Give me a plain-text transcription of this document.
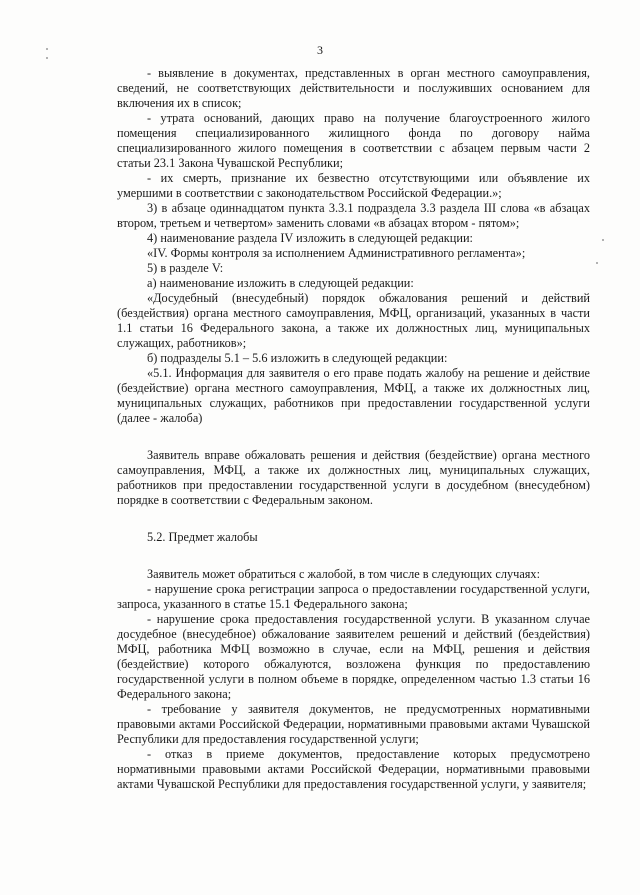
3

- выявление в документах, представленных в орган местного самоуправления, сведений, не соответствующих действительности и послуживших основанием для включения их в список;

- утрата оснований, дающих право на получение благоустроенного жилого помещения специализированного жилищного фонда по договору найма специализированного жилого помещения в соответствии с абзацем первым части 2 статьи 23.1 Закона Чувашской Республики;

- их смерть, признание их безвестно отсутствующими или объявление их умершими в соответствии с законодательством Российской Федерации.»;

3) в абзаце одиннадцатом пункта 3.3.1 подраздела 3.3 раздела III слова «в абзацах втором, третьем и четвертом» заменить словами «в абзацах втором - пятом»;

4) наименование раздела IV изложить в следующей редакции:

«IV. Формы контроля за исполнением Административного регламента»;

5) в разделе V:

а) наименование изложить в следующей редакции:

«Досудебный (внесудебный) порядок обжалования решений и действий (бездействия) органа местного самоуправления, МФЦ, организаций, указанных в части 1.1 статьи 16 Федерального закона, а также их должностных лиц, муниципальных служащих, работников»;

б) подразделы 5.1 – 5.6 изложить в следующей редакции:

«5.1. Информация для заявителя о его праве подать жалобу на решение и действие (бездействие) органа местного самоуправления, МФЦ, а также их должностных лиц, муниципальных служащих, работников при предоставлении государственной услуги (далее - жалоба)

Заявитель вправе обжаловать решения и действия (бездействие) органа местного самоуправления, МФЦ, а также их должностных лиц, муниципальных служащих, работников при предоставлении государственной услуги в досудебном (внесудебном) порядке в соответствии с Федеральным законом.

5.2. Предмет жалобы

Заявитель может обратиться с жалобой, в том числе в следующих случаях:

- нарушение срока регистрации запроса о предоставлении государственной услуги, запроса, указанного в статье 15.1 Федерального закона;

- нарушение срока предоставления государственной услуги. В указанном случае досудебное (внесудебное) обжалование заявителем решений и действий (бездействия) МФЦ, работника МФЦ возможно в случае, если на МФЦ, решения и действия (бездействие) которого обжалуются, возложена функция по предоставлению государственной услуги в полном объеме в порядке, определенном частью 1.3 статьи 16 Федерального закона;

- требование у заявителя документов, не предусмотренных нормативными правовыми актами Российской Федерации, нормативными правовыми актами Чувашской Республики для предоставления государственной услуги;

- отказ в приеме документов, предоставление которых предусмотрено нормативными правовыми актами Российской Федерации, нормативными правовыми актами Чувашской Республики для предоставления государственной услуги, у заявителя;
